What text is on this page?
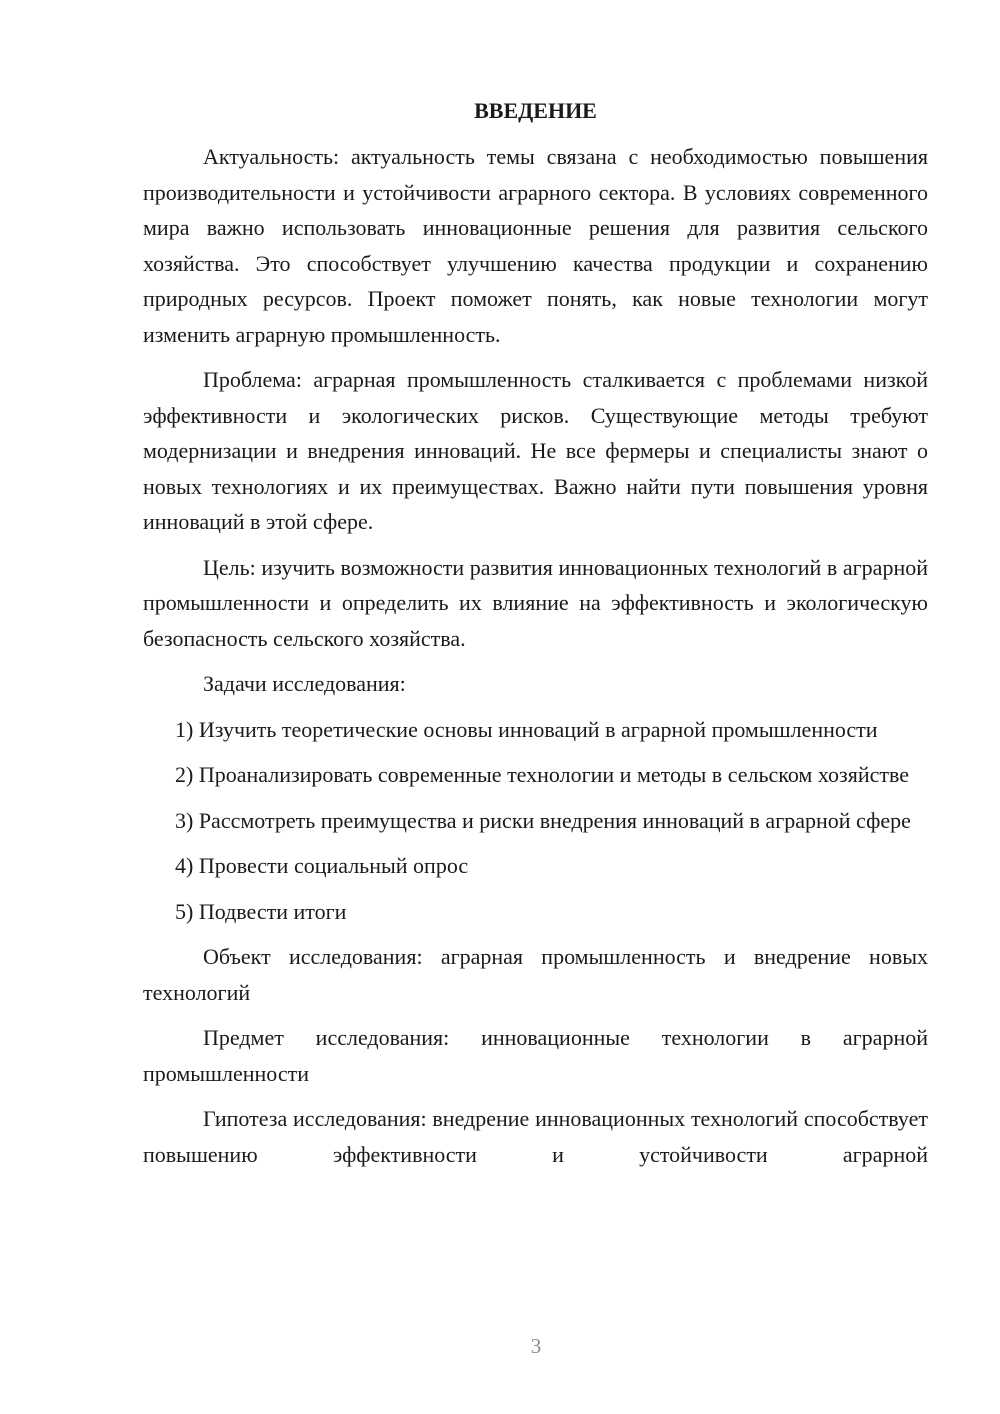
ВВЕДЕНИЕ

Актуальность: актуальность темы связана с необходимостью повышения производительности и устойчивости аграрного сектора. В условиях современного мира важно использовать инновационные решения для развития сельского хозяйства. Это способствует улучшению качества продукции и сохранению природных ресурсов. Проект поможет понять, как новые технологии могут изменить аграрную промышленность.

Проблема: аграрная промышленность сталкивается с проблемами низкой эффективности и экологических рисков. Существующие методы требуют модернизации и внедрения инноваций. Не все фермеры и специалисты знают о новых технологиях и их преимуществах. Важно найти пути повышения уровня инноваций в этой сфере.

Цель: изучить возможности развития инновационных технологий в аграрной промышленности и определить их влияние на эффективность и экологическую безопасность сельского хозяйства.

Задачи исследования:

1) Изучить теоретические основы инноваций в аграрной промышленности

2) Проанализировать современные технологии и методы в сельском хозяйстве

3) Рассмотреть преимущества и риски внедрения инноваций в аграрной сфере

4) Провести социальный опрос

5) Подвести итоги

Объект исследования: аграрная промышленность и внедрение новых технологий

Предмет исследования: инновационные технологии в аграрной промышленности

Гипотеза исследования: внедрение инновационных технологий способствует повышению эффективности и устойчивости аграрной

3
